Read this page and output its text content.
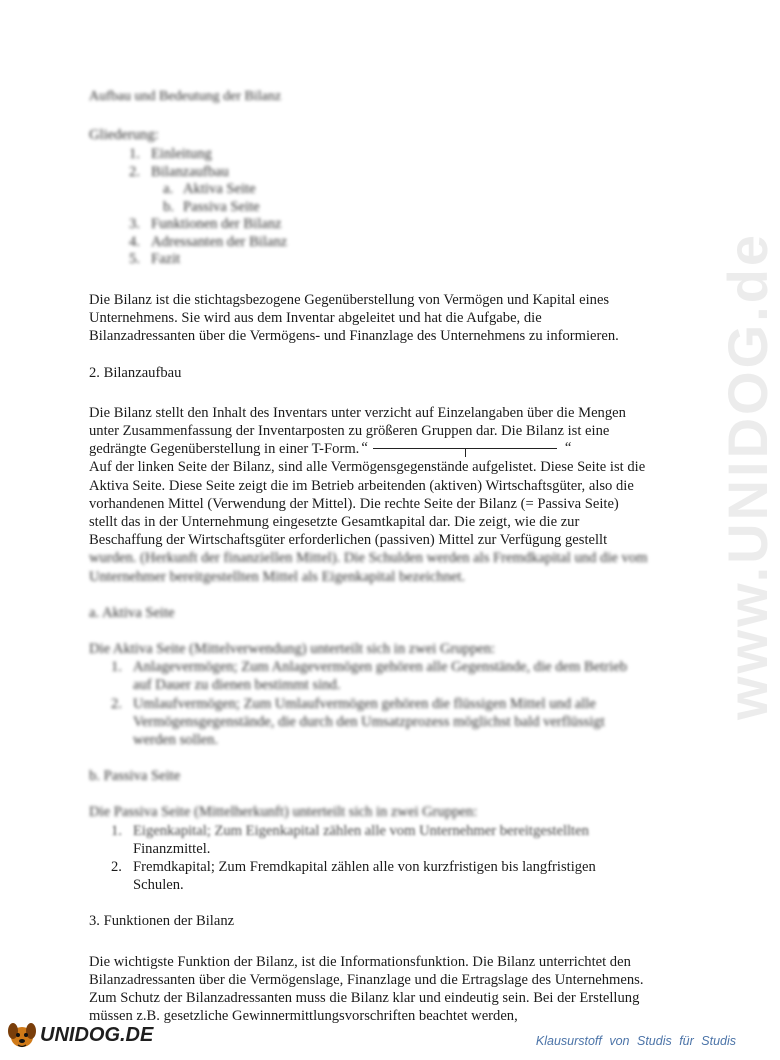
www.UNIDOG.de

Aufbau und Bedeutung der Bilanz

Gliederung:

1. Einleitung
2. Bilanzaufbau
a. Aktiva Seite
b. Passiva Seite
3. Funktionen der Bilanz
4. Adressanten der Bilanz
5. Fazit

Die Bilanz ist die stichtagsbezogene Gegenüberstellung von Vermögen und Kapital eines Unternehmens. Sie wird aus dem Inventar abgeleitet und hat die Aufgabe, die Bilanzadressanten über die Vermögens- und Finanzlage des Unternehmens zu informieren.

2. Bilanzaufbau

Die Bilanz stellt den Inhalt des Inventars unter verzicht auf Einzelangaben über die Mengen unter Zusammenfassung der Inventarposten zu größeren Gruppen dar. Die Bilanz ist eine gedrängte Gegenüberstellung in einer T-Form. “	“

Auf der linken Seite der Bilanz, sind alle Vermögensgegenstände aufgelistet. Diese Seite ist die Aktiva Seite. Diese Seite zeigt die im Betrieb arbeitenden (aktiven) Wirtschaftsgüter, also die vorhandenen Mittel (Verwendung der Mittel). Die rechte Seite der Bilanz (= Passiva Seite) stellt das in der Unternehmung eingesetzte Gesamtkapital dar. Die zeigt, wie die zur Beschaffung der Wirtschaftsgüter erforderlichen (passiven) Mittel zur Verfügung gestellt

wurden. (Herkunft der finanziellen Mittel). Die Schulden werden als Fremdkapital und die vom Unternehmer bereitgestellten Mittel als Eigenkapital bezeichnet.

a. Aktiva Seite

Die Aktiva Seite (Mittelverwendung) unterteilt sich in zwei Gruppen:

1. Anlagevermögen; Zum Anlagevermögen gehören alle Gegenstände, die dem Betrieb auf Dauer zu dienen bestimmt sind.
2. Umlaufvermögen; Zum Umlaufvermögen gehören die flüssigen Mittel und alle Vermögensgegenstände, die durch den Umsatzprozess möglichst bald verflüssigt werden sollen.

b. Passiva Seite

Die Passiva Seite (Mittelherkunft) unterteilt sich in zwei Gruppen:

1. Eigenkapital; Zum Eigenkapital zählen alle vom Unternehmer bereitgestellten
Finanzmittel.
2. Fremdkapital; Zum Fremdkapital zählen alle von kurzfristigen bis langfristigen Schulen.

3. Funktionen der Bilanz

Die wichtigste Funktion der Bilanz, ist die Informationsfunktion. Die Bilanz unterrichtet den Bilanzadressanten über die Vermögenslage, Finanzlage und die Ertragslage des Unternehmens. Zum Schutz der Bilanzadressanten muss die Bilanz klar und eindeutig sein. Bei der Erstellung müssen z.B. gesetzliche Gewinnermittlungsvorschriften beachtet werden,

UNIDOG.DE	Klausurstoff von Studis für Studis
